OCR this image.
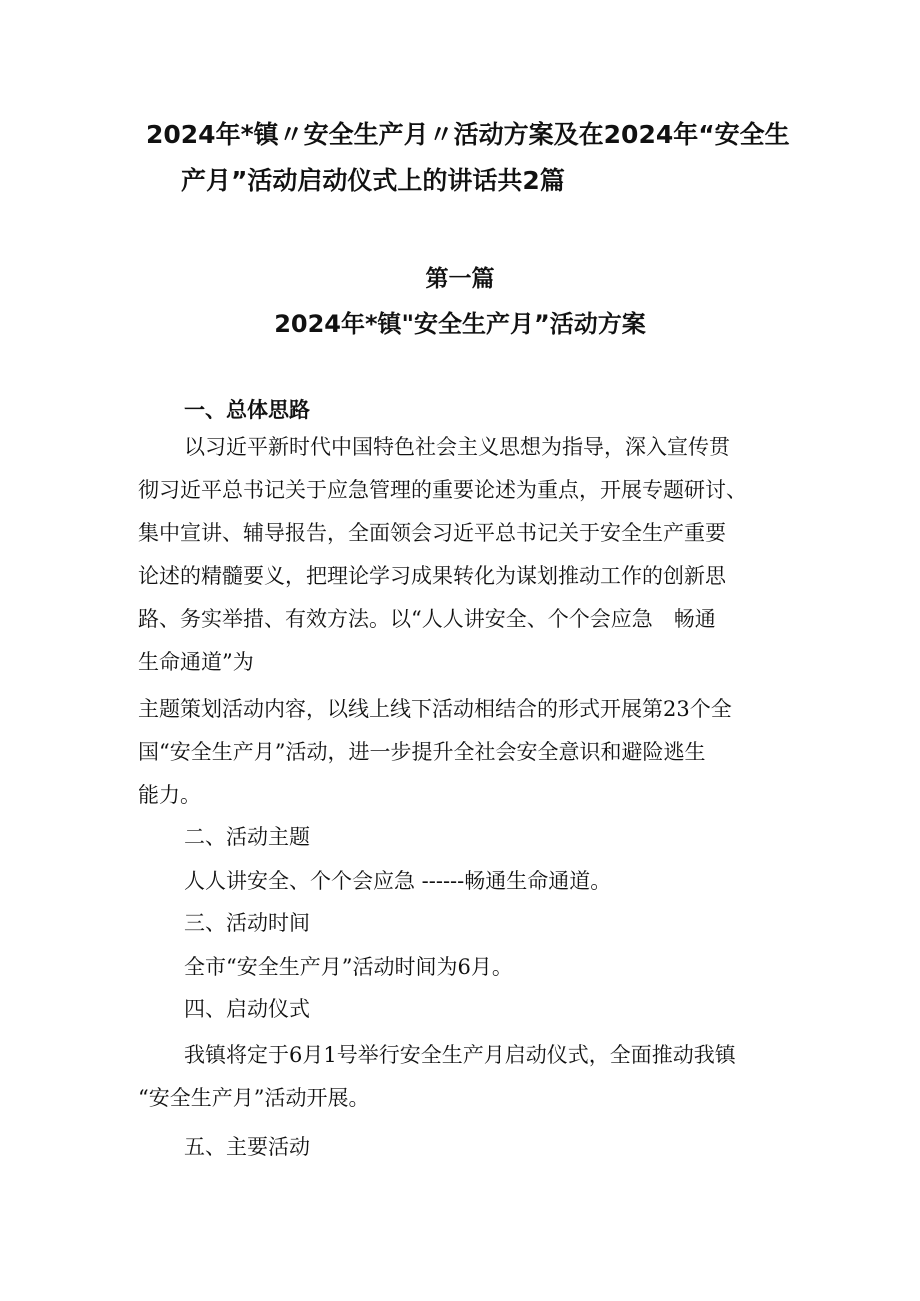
2024年*镇〃安全生产月〃活动方案及在2024年“安全生
产月”活动启动仪式上的讲话共2篇
第一篇
2024年*镇"安全生产月”活动方案
一、总体思路
以习近平新时代中国特色社会主义思想为指导，深入宣传贯
彻习近平总书记关于应急管理的重要论述为重点，开展专题研讨、
集中宣讲、辅导报告，全面领会习近平总书记关于安全生产重要
论述的精髓要义，把理论学习成果转化为谋划推动工作的创新思
路、务实举措、有效方法。以“人人讲安全、个个会应急　畅通
生命通道”为
主题策划活动内容，以线上线下活动相结合的形式开展第23个全
国“安全生产月”活动，进一步提升全社会安全意识和避险逃生
能力。
二、活动主题

人人讲安全、个个会应急 ------畅通生命通道。

三、活动时间

全市“安全生产月”活动时间为6月。

四、启动仪式
我镇将定于6月1号举行安全生产月启动仪式，全面推动我镇
“安全生产月”活动开展。
五、主要活动
